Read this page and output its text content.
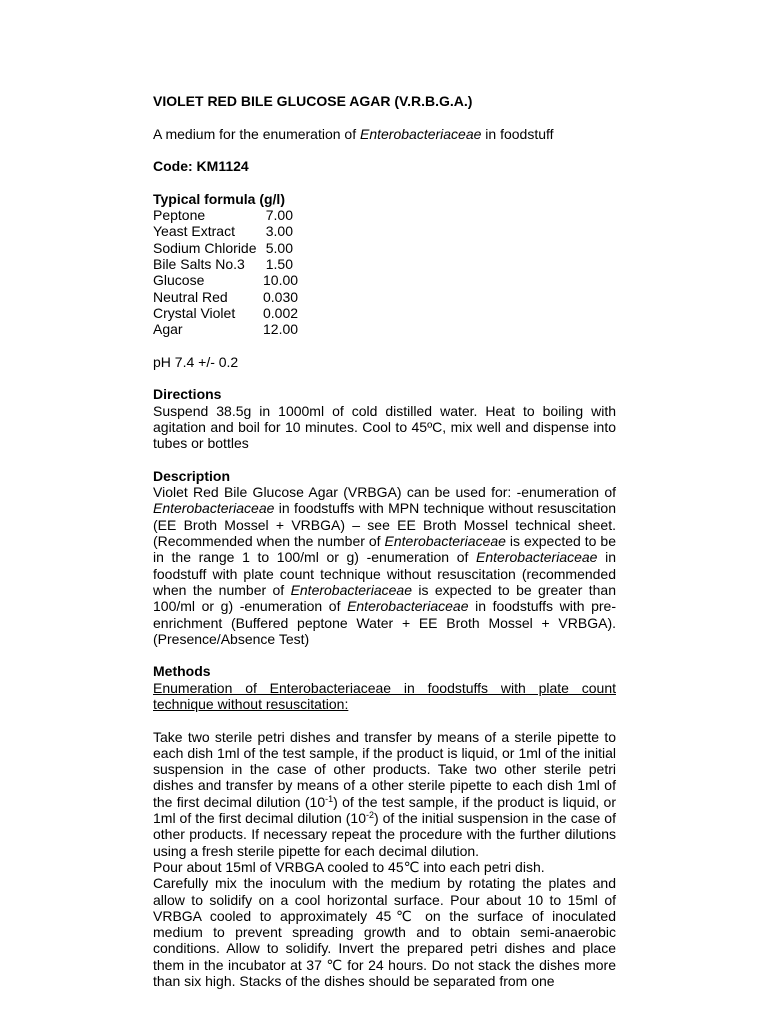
VIOLET RED BILE GLUCOSE AGAR (V.R.B.G.A.)

A medium for the enumeration of Enterobacteriaceae in foodstuff

Code: KM1124

Typical formula (g/l)

Peptone	7.00
Yeast Extract	3.00
Sodium Chloride 5.00
Bile Salts No.3	1.50
Glucose	10.00
Neutral Red	0.030
Crystal Violet	0.002
Agar	12.00

pH 7.4 +/- 0.2

Directions

Suspend 38.5g in 1000ml of cold distilled water. Heat to boiling with agitation and boil for 10 minutes. Cool to 45ºC, mix well and dispense into tubes or bottles

Description

Violet Red Bile Glucose Agar (VRBGA) can be used for: -enumeration of Enterobacteriaceae in foodstuffs with MPN technique without resuscitation (EE Broth Mossel + VRBGA) – see EE Broth Mossel technical sheet. (Recommended when the number of Enterobacteriaceae is expected to be in the range 1 to 100/ml or g) -enumeration of Enterobacteriaceae in foodstuff with plate count technique without resuscitation (recommended when the number of Enterobacteriaceae is expected to be greater than 100/ml or g) -enumeration of Enterobacteriaceae in foodstuffs with pre-enrichment (Buffered peptone Water + EE Broth Mossel + VRBGA). (Presence/Absence Test)

Methods

Enumeration of Enterobacteriaceae in foodstuffs with plate count technique without resuscitation:

Take two sterile petri dishes and transfer by means of a sterile pipette to each dish 1ml of the test sample, if the product is liquid, or 1ml of the initial suspension in the case of other products. Take two other sterile petri dishes and transfer by means of a other sterile pipette to each dish 1ml of the first decimal dilution $(10^{-1})$ of the test sample, if the product is liquid, or 1ml of the first decimal dilution $(10^{-2})$ of the initial suspension in the case of other products. If necessary repeat the procedure with the further dilutions using a fresh sterile pipette for each decimal dilution.

Pour about 15ml of VRBGA cooled to 45℃ into each petri dish.

Carefully mix the inoculum with the medium by rotating the plates and allow to solidify on a cool horizontal surface. Pour about 10 to 15ml of VRBGA cooled to approximately 45℃ on the surface of inoculated medium to prevent spreading growth and to obtain semi-anaerobic conditions. Allow to solidify. Invert the prepared petri dishes and place them in the incubator at 37 ℃ for 24 hours. Do not stack the dishes more than six high. Stacks of the dishes should be separated from one
